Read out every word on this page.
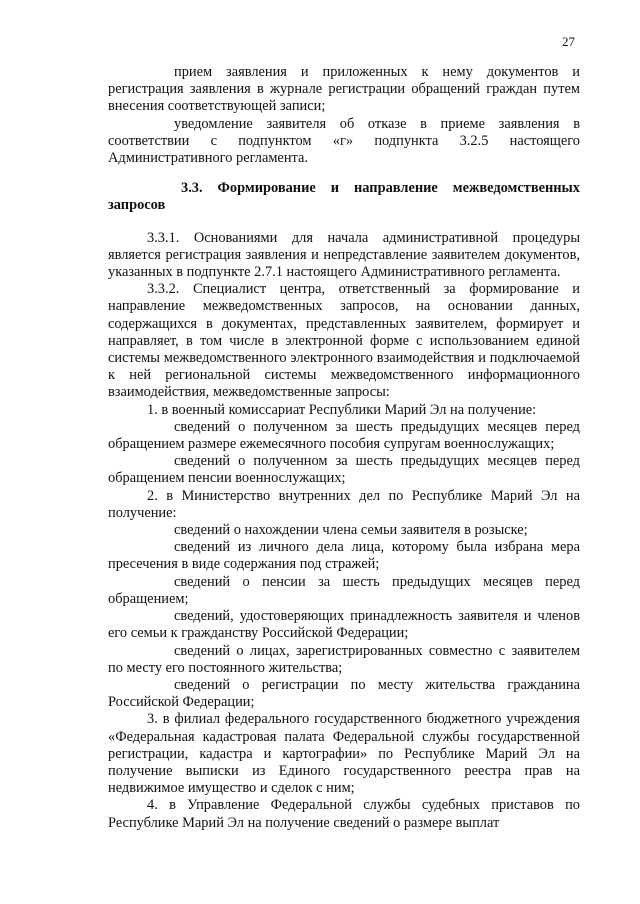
27

прием заявления и приложенных к нему документов и регистрация заявления в журнале регистрации обращений граждан путем внесения соответствующей записи;

уведомление заявителя об отказе в приеме заявления в соответствии с подпунктом «г» подпункта 3.2.5 настоящего Административного регламента.

3.3. Формирование и направление межведомственных запросов

3.3.1. Основаниями для начала административной процедуры является регистрация заявления и непредставление заявителем документов, указанных в подпункте 2.7.1 настоящего Административного регламента.

3.3.2. Специалист центра, ответственный за формирование и направление межведомственных запросов, на основании данных, содержащихся в документах, представленных заявителем, формирует и направляет, в том числе в электронной форме с использованием единой системы межведомственного электронного взаимодействия и подключаемой к ней региональной системы межведомственного информационного взаимодействия, межведомственные запросы:

1. в военный комиссариат Республики Марий Эл на получение:

сведений о полученном за шесть предыдущих месяцев перед обращением размере ежемесячного пособия супругам военнослужащих;

сведений о полученном за шесть предыдущих месяцев перед обращением пенсии военнослужащих;

2. в Министерство внутренних дел по Республике Марий Эл на получение:

сведений о нахождении члена семьи заявителя в розыске;

сведений из личного дела лица, которому была избрана мера пресечения в виде содержания под стражей;

сведений о пенсии за шесть предыдущих месяцев перед обращением;

сведений, удостоверяющих принадлежность заявителя и членов его семьи к гражданству Российской Федерации;

сведений о лицах, зарегистрированных совместно с заявителем по месту его постоянного жительства;

сведений о регистрации по месту жительства гражданина Российской Федерации;

3. в филиал федерального государственного бюджетного учреждения «Федеральная кадастровая палата Федеральной службы государственной регистрации, кадастра и картографии» по Республике Марий Эл на получение выписки из Единого государственного реестра прав на недвижимое имущество и сделок с ним;

4. в Управление Федеральной службы судебных приставов по Республике Марий Эл на получение сведений о размере выплат
